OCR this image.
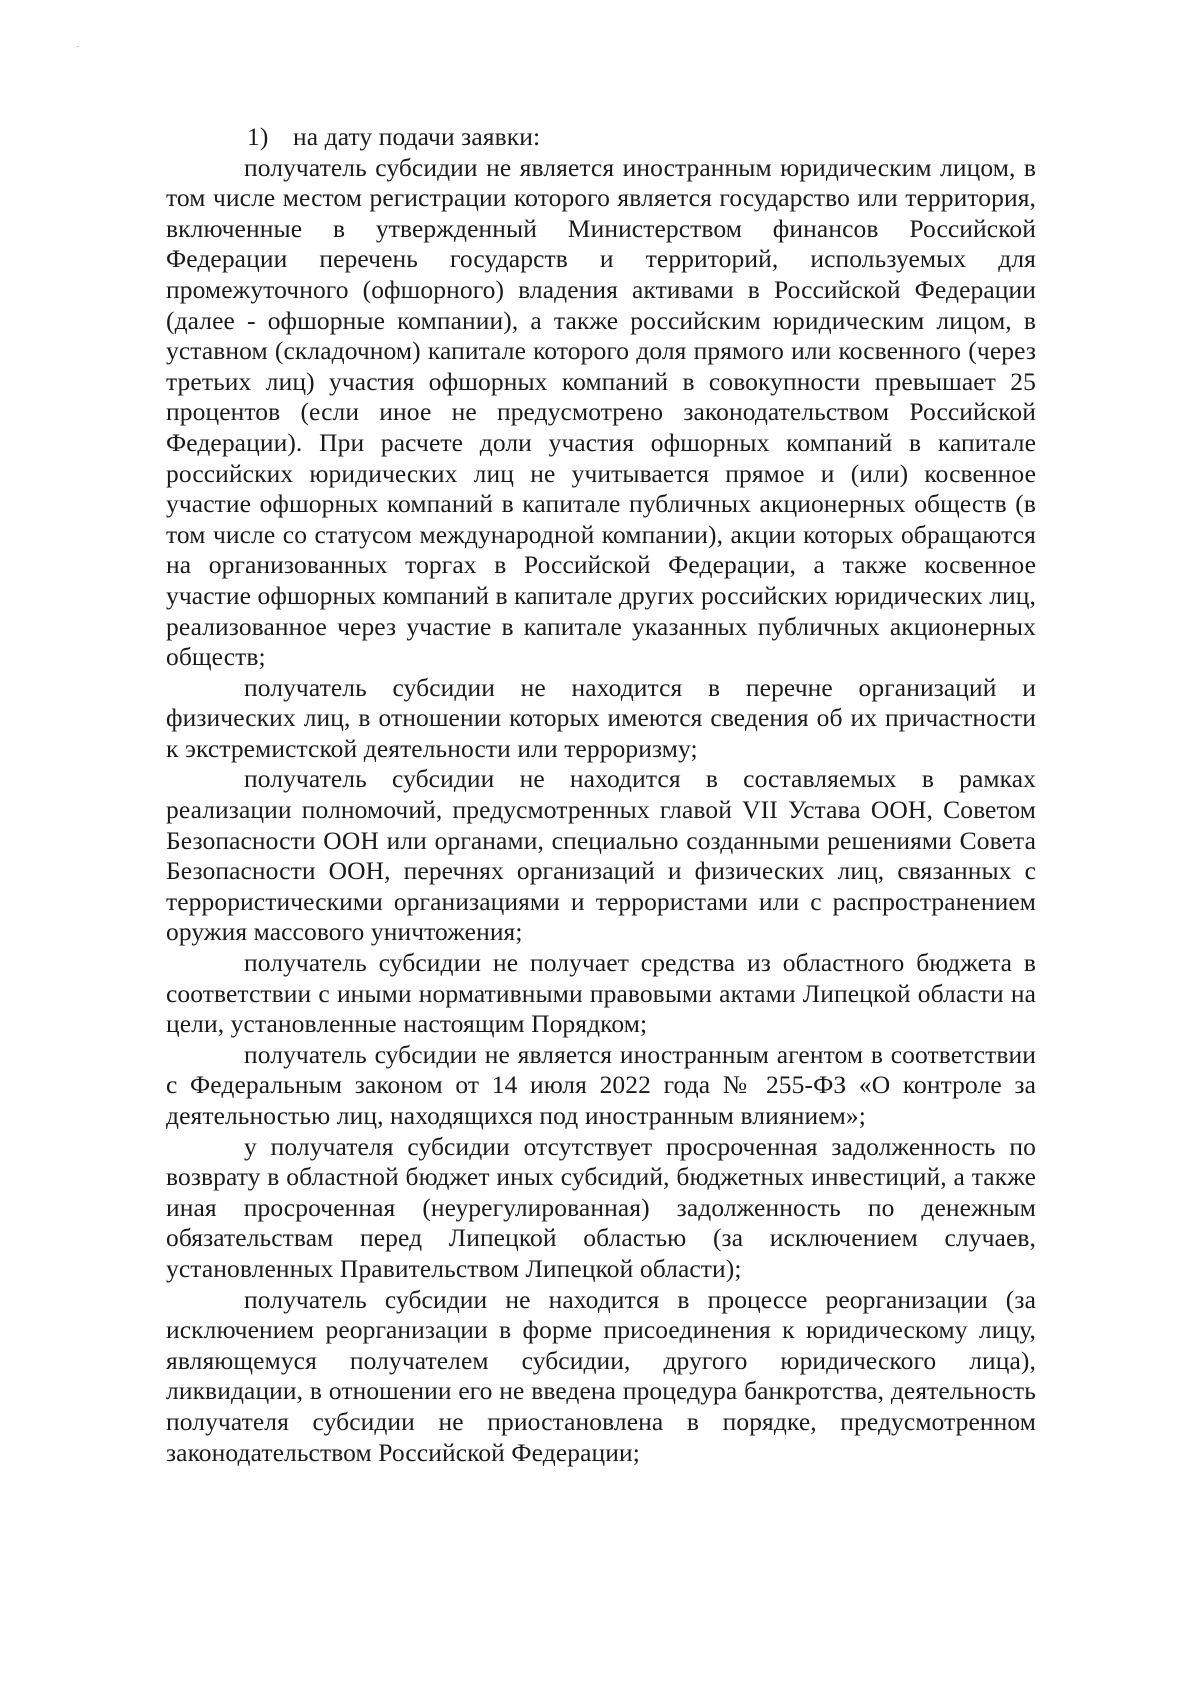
1) на дату подачи заявки:

получатель субсидии не является иностранным юридическим лицом, в том числе местом регистрации которого является государство или территория, включенные в утвержденный Министерством финансов Российской Федерации перечень государств и территорий, используемых для промежуточного (офшорного) владения активами в Российской Федерации (далее - офшорные компании), а также российским юридическим лицом, в уставном (складочном) капитале которого доля прямого или косвенного (через третьих лиц) участия офшорных компаний в совокупности превышает 25 процентов (если иное не предусмотрено законодательством Российской Федерации). При расчете доли участия офшорных компаний в капитале российских юридических лиц не учитывается прямое и (или) косвенное участие офшорных компаний в капитале публичных акционерных обществ (в том числе со статусом международной компании), акции которых обращаются на организованных торгах в Российской Федерации, а также косвенное участие офшорных компаний в капитале других российских юридических лиц, реализованное через участие в капитале указанных публичных акционерных обществ;

получатель субсидии не находится в перечне организаций и физических лиц, в отношении которых имеются сведения об их причастности к экстремистской деятельности или терроризму;

получатель субсидии не находится в составляемых в рамках реализации полномочий, предусмотренных главой VII Устава ООН, Советом Безопасности ООН или органами, специально созданными решениями Совета Безопасности ООН, перечнях организаций и физических лиц, связанных с террористическими организациями и террористами или с распространением оружия массового уничтожения;

получатель субсидии не получает средства из областного бюджета в соответствии с иными нормативными правовыми актами Липецкой области на цели, установленные настоящим Порядком;

получатель субсидии не является иностранным агентом в соответствии с Федеральным законом от 14 июля 2022 года № 255-ФЗ «О контроле за деятельностью лиц, находящихся под иностранным влиянием»;

у получателя субсидии отсутствует просроченная задолженность по возврату в областной бюджет иных субсидий, бюджетных инвестиций, а также иная просроченная (неурегулированная) задолженность по денежным обязательствам перед Липецкой областью (за исключением случаев, установленных Правительством Липецкой области);

получатель субсидии не находится в процессе реорганизации (за исключением реорганизации в форме присоединения к юридическому лицу, являющемуся получателем субсидии, другого юридического лица), ликвидации, в отношении его не введена процедура банкротства, деятельность получателя субсидии не приостановлена в порядке, предусмотренном законодательством Российской Федерации;
